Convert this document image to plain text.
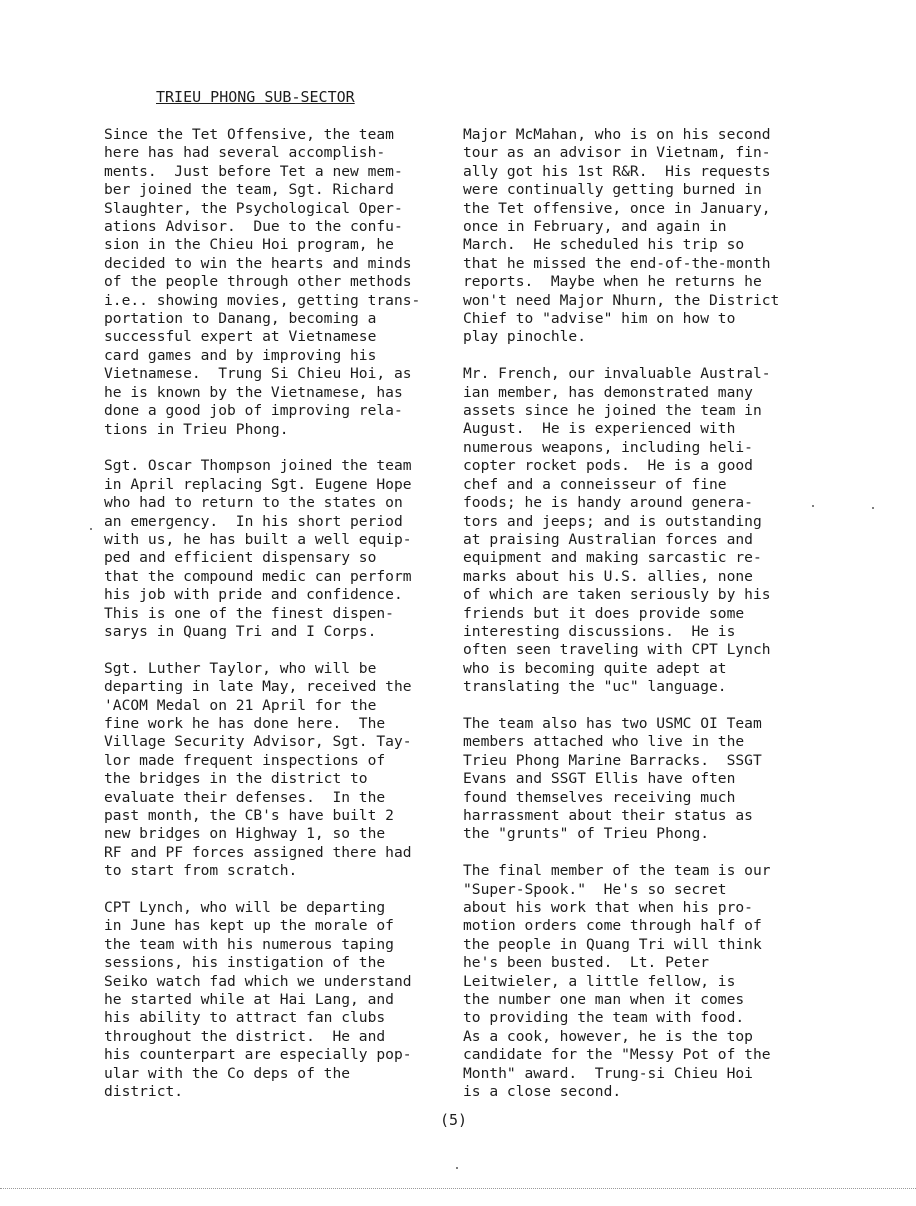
TRIEU PHONG SUB-SECTOR
Since the Tet Offensive, the team
here has had several accomplish-
ments.  Just before Tet a new mem-
ber joined the team, Sgt. Richard
Slaughter, the Psychological Oper-
ations Advisor.  Due to the confu-
sion in the Chieu Hoi program, he
decided to win the hearts and minds
of the people through other methods
i.e.. showing movies, getting trans-
portation to Danang, becoming a
successful expert at Vietnamese
card games and by improving his
Vietnamese.  Trung Si Chieu Hoi, as
he is known by the Vietnamese, has
done a good job of improving rela-
tions in Trieu Phong.
Sgt. Oscar Thompson joined the team
in April replacing Sgt. Eugene Hope
who had to return to the states on
an emergency.  In his short period
with us, he has built a well equip-
ped and efficient dispensary so
that the compound medic can perform
his job with pride and confidence.
This is one of the finest dispen-
sarys in Quang Tri and I Corps.
Sgt. Luther Taylor, who will be
departing in late May, received the
'ACOM Medal on 21 April for the
fine work he has done here.  The
Village Security Advisor, Sgt. Tay-
lor made frequent inspections of
the bridges in the district to
evaluate their defenses.  In the
past month, the CB's have built 2
new bridges on Highway 1, so the
RF and PF forces assigned there had
to start from scratch.
CPT Lynch, who will be departing
in June has kept up the morale of
the team with his numerous taping
sessions, his instigation of the
Seiko watch fad which we understand
he started while at Hai Lang, and
his ability to attract fan clubs
throughout the district.  He and
his counterpart are especially pop-
ular with the Co deps of the
district.
Major McMahan, who is on his second
tour as an advisor in Vietnam, fin-
ally got his 1st R&R.  His requests
were continually getting burned in
the Tet offensive, once in January,
once in February, and again in
March.  He scheduled his trip so
that he missed the end-of-the-month
reports.  Maybe when he returns he
won't need Major Nhurn, the District
Chief to "advise" him on how to
play pinochle.
Mr. French, our invaluable Austral-
ian member, has demonstrated many
assets since he joined the team in
August.  He is experienced with
numerous weapons, including heli-
copter rocket pods.  He is a good
chef and a conneisseur of fine
foods; he is handy around genera-
tors and jeeps; and is outstanding
at praising Australian forces and
equipment and making sarcastic re-
marks about his U.S. allies, none
of which are taken seriously by his
friends but it does provide some
interesting discussions.  He is
often seen traveling with CPT Lynch
who is becoming quite adept at
translating the "uc" language.
The team also has two USMC OI Team
members attached who live in the
Trieu Phong Marine Barracks.  SSGT
Evans and SSGT Ellis have often
found themselves receiving much
harrassment about their status as
the "grunts" of Trieu Phong.
The final member of the team is our
"Super-Spook."  He's so secret
about his work that when his pro-
motion orders come through half of
the people in Quang Tri will think
he's been busted.  Lt. Peter
Leitwieler, a little fellow, is
the number one man when it comes
to providing the team with food.
As a cook, however, he is the top
candidate for the "Messy Pot of the
Month" award.  Trung-si Chieu Hoi
is a close second.
(5)
